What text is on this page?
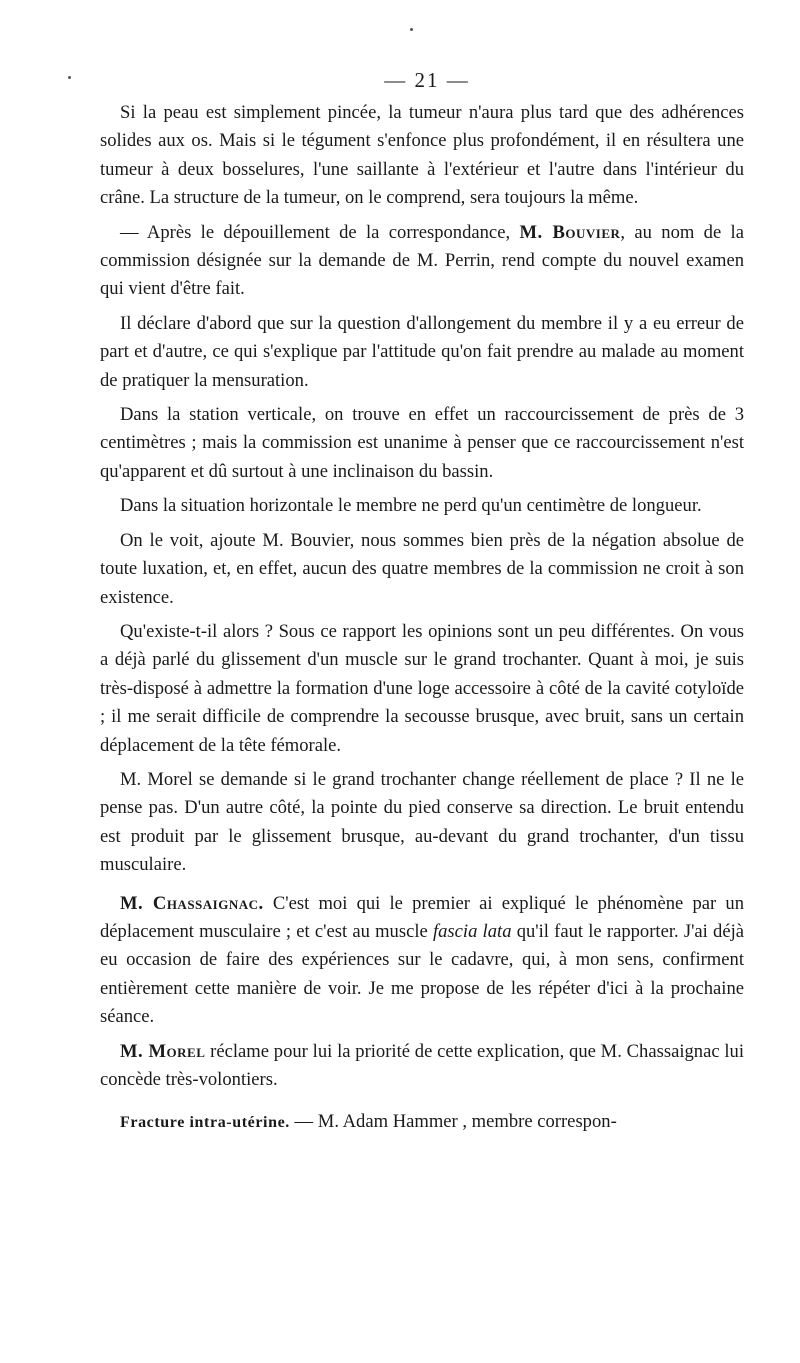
— 21 —

Si la peau est simplement pincée, la tumeur n'aura plus tard que des adhérences solides aux os. Mais si le tégument s'enfonce plus profondément, il en résultera une tumeur à deux bosselures, l'une saillante à l'extérieur et l'autre dans l'intérieur du crâne. La structure de la tumeur, on le comprend, sera toujours la même.

— Après le dépouillement de la correspondance, M. Bouvier, au nom de la commission désignée sur la demande de M. Perrin, rend compte du nouvel examen qui vient d'être fait.

Il déclare d'abord que sur la question d'allongement du membre il y a eu erreur de part et d'autre, ce qui s'explique par l'attitude qu'on fait prendre au malade au moment de pratiquer la mensuration.

Dans la station verticale, on trouve en effet un raccourcissement de près de 3 centimètres ; mais la commission est unanime à penser que ce raccourcissement n'est qu'apparent et dû surtout à une inclinaison du bassin.

Dans la situation horizontale le membre ne perd qu'un centimètre de longueur.

On le voit, ajoute M. Bouvier, nous sommes bien près de la négation absolue de toute luxation, et, en effet, aucun des quatre membres de la commission ne croit à son existence.

Qu'existe-t-il alors ? Sous ce rapport les opinions sont un peu différentes. On vous a déjà parlé du glissement d'un muscle sur le grand trochanter. Quant à moi, je suis très-disposé à admettre la formation d'une loge accessoire à côté de la cavité cotyloïde ; il me serait difficile de comprendre la secousse brusque, avec bruit, sans un certain déplacement de la tête fémorale.

M. Morel se demande si le grand trochanter change réellement de place ? Il ne le pense pas. D'un autre côté, la pointe du pied conserve sa direction. Le bruit entendu est produit par le glissement brusque, au-devant du grand trochanter, d'un tissu musculaire.

M. Chassaignac. C'est moi qui le premier ai expliqué le phénomène par un déplacement musculaire ; et c'est au muscle fascia lata qu'il faut le rapporter. J'ai déjà eu occasion de faire des expériences sur le cadavre, qui, à mon sens, confirment entièrement cette manière de voir. Je me propose de les répéter d'ici à la prochaine séance.

M. Morel réclame pour lui la priorité de cette explication, que M. Chassaignac lui concède très-volontiers.

Fracture intra-utérine. — M. Adam Hammer , membre correspon-
